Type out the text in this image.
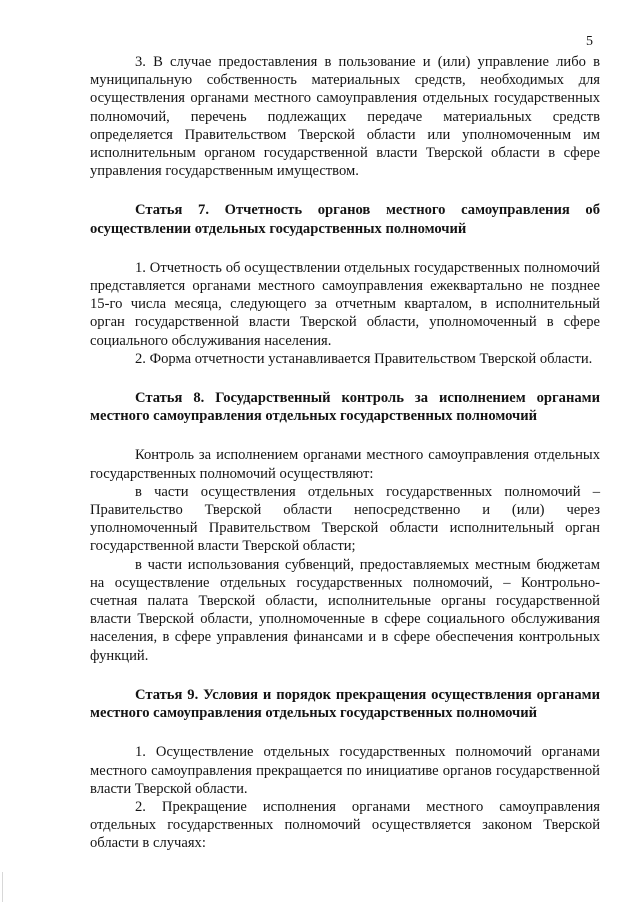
5

3. В случае предоставления в пользование и (или) управление либо в муниципальную собственность материальных средств, необходимых для осуществления органами местного самоуправления отдельных государственных полномочий, перечень подлежащих передаче материальных средств определяется Правительством Тверской области или уполномоченным им исполнительным органом государственной власти Тверской области в сфере управления государственным имуществом.

Статья 7. Отчетность органов местного самоуправления об осуществлении отдельных государственных полномочий

1. Отчетность об осуществлении отдельных государственных полномочий представляется органами местного самоуправления ежеквартально не позднее 15-го числа месяца, следующего за отчетным кварталом, в исполнительный орган государственной власти Тверской области, уполномоченный в сфере социального обслуживания населения.

2. Форма отчетности устанавливается Правительством Тверской области.

Статья 8. Государственный контроль за исполнением органами местного самоуправления отдельных государственных полномочий

Контроль за исполнением органами местного самоуправления отдельных государственных полномочий осуществляют:

в части осуществления отдельных государственных полномочий – Правительство Тверской области непосредственно и (или) через уполномоченный Правительством Тверской области исполнительный орган государственной власти Тверской области;

в части использования субвенций, предоставляемых местным бюджетам на осуществление отдельных государственных полномочий, – Контрольно-счетная палата Тверской области, исполнительные органы государственной власти Тверской области, уполномоченные в сфере социального обслуживания населения, в сфере управления финансами и в сфере обеспечения контрольных функций.

Статья 9. Условия и порядок прекращения осуществления органами местного самоуправления отдельных государственных полномочий

1. Осуществление отдельных государственных полномочий органами местного самоуправления прекращается по инициативе органов государственной власти Тверской области.

2. Прекращение исполнения органами местного самоуправления отдельных государственных полномочий осуществляется законом Тверской области в случаях:
